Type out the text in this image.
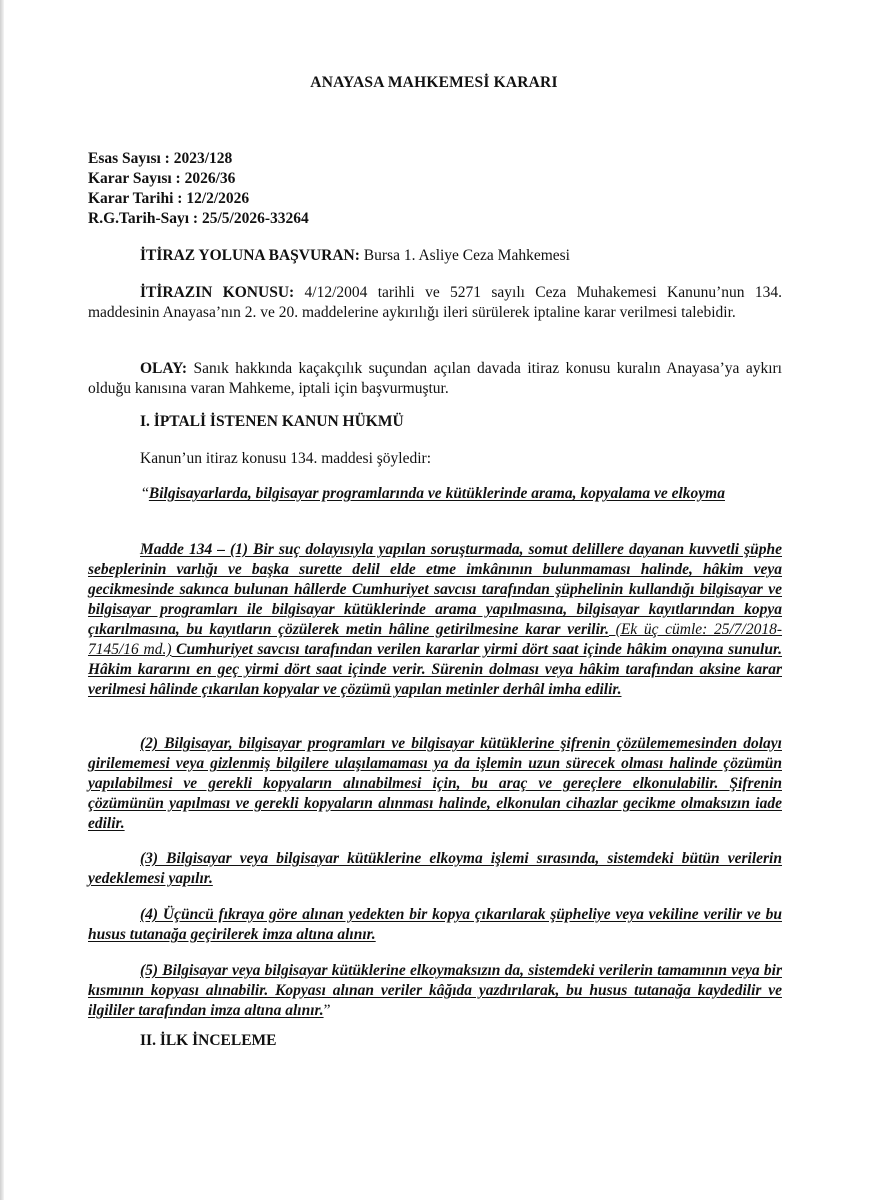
ANAYASA MAHKEMESİ KARARI
Esas Sayısı : 2023/128
Karar Sayısı : 2026/36
Karar Tarihi : 12/2/2026
R.G.Tarih-Sayı : 25/5/2026-33264

İTİRAZ YOLUNA BAŞVURAN: Bursa 1. Asliye Ceza Mahkemesi

İTİRAZIN KONUSU: 4/12/2004 tarihli ve 5271 sayılı Ceza Muhakemesi Kanunu’nun 134. maddesinin Anayasa’nın 2. ve 20. maddelerine aykırılığı ileri sürülerek iptaline karar verilmesi talebidir.

OLAY: Sanık hakkında kaçakçılık suçundan açılan davada itiraz konusu kuralın Anayasa’ya aykırı olduğu kanısına varan Mahkeme, iptali için başvurmuştur.

I. İPTALİ İSTENEN KANUN HÜKMÜ

Kanun’un itiraz konusu 134. maddesi şöyledir:

“Bilgisayarlarda, bilgisayar programlarında ve kütüklerinde arama, kopyalama ve elkoyma

Madde 134 – (1) Bir suç dolayısıyla yapılan soruşturmada, somut delillere dayanan kuvvetli şüphe sebeplerinin varlığı ve başka surette delil elde etme imkânının bulunmaması halinde, hâkim veya gecikmesinde sakınca bulunan hâllerde Cumhuriyet savcısı tarafından şüphelinin kullandığı bilgisayar ve bilgisayar programları ile bilgisayar kütüklerinde arama yapılmasına, bilgisayar kayıtlarından kopya çıkarılmasına, bu kayıtların çözülerek metin hâline getirilmesine karar verilir. (Ek üç cümle: 25/7/2018-7145/16 md.) Cumhuriyet savcısı tarafından verilen kararlar yirmi dört saat içinde hâkim onayına sunulur. Hâkim kararını en geç yirmi dört saat içinde verir. Sürenin dolması veya hâkim tarafından aksine karar verilmesi hâlinde çıkarılan kopyalar ve çözümü yapılan metinler derhâl imha edilir.

(2) Bilgisayar, bilgisayar programları ve bilgisayar kütüklerine şifrenin çözülememesinden dolayı girilememesi veya gizlenmiş bilgilere ulaşılamaması ya da işlemin uzun sürecek olması halinde çözümün yapılabilmesi ve gerekli kopyaların alınabilmesi için, bu araç ve gereçlere elkonulabilir. Şifrenin çözümünün yapılması ve gerekli kopyaların alınması halinde, elkonulan cihazlar gecikme olmaksızın iade edilir.

(3) Bilgisayar veya bilgisayar kütüklerine elkoyma işlemi sırasında, sistemdeki bütün verilerin yedeklemesi yapılır.

(4) Üçüncü fıkraya göre alınan yedekten bir kopya çıkarılarak şüpheliye veya vekiline verilir ve bu husus tutanağa geçirilerek imza altına alınır.

(5) Bilgisayar veya bilgisayar kütüklerine elkoymaksızın da, sistemdeki verilerin tamamının veya bir kısmının kopyası alınabilir. Kopyası alınan veriler kâğıda yazdırılarak, bu husus tutanağa kaydedilir ve ilgililer tarafından imza altına alınır.”

II. İLK İNCELEME
